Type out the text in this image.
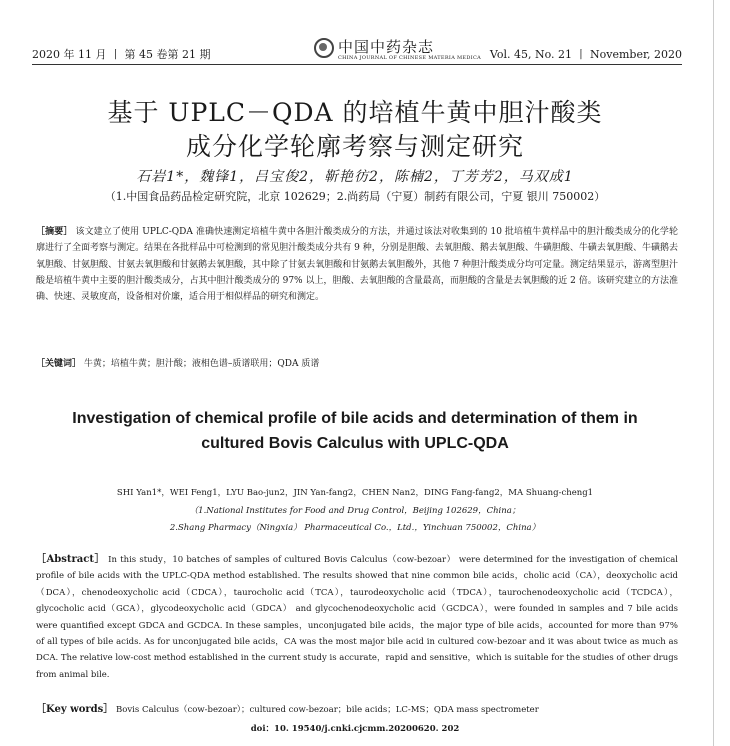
2020 年 11 月 丨 第 45 卷第 21 期	中国中药杂志
CHINA JOURNAL OF CHINESE MATERIA MEDICA Vol. 45, No. 21 丨 November, 2020
基于 UPLC－QDA 的培植牛黄中胆汁酸类
成分化学轮廓考察与测定研究
石岩1*，魏锋1，吕宝俊2，靳艳彷2，陈楠2，丁芳芳2，马双成1
（1.中国食品药品检定研究院，北京 102629；2.尚药局（宁夏）制药有限公司，宁夏 银川 750002）
［摘要］ 该文建立了使用 UPLC-QDA 准确快速测定培植牛黄中各胆汁酸类成分的方法，并通过该法对收集到的 10 批培植牛黄样品中的胆汁酸类成分的化学轮廓进行了全面考察与测定。结果在各批样品中可检测到的常见胆汁酸类成分共有 9 种，分别是胆酸、去氧胆酸、鹅去氧胆酸、牛磺胆酸、牛磺去氧胆酸、牛磺鹅去氧胆酸、甘氨胆酸、甘氨去氧胆酸和甘氨鹅去氧胆酸，其中除了甘氨去氧胆酸和甘氨鹅去氧胆酸外，其他 7 种胆汁酸类成分均可定量。测定结果显示，游离型胆汁酸是培植牛黄中主要的胆汁酸类成分，占其中胆汁酸类成分的 97% 以上，胆酸、去氧胆酸的含量最高，而胆酸的含量是去氧胆酸的近 2 倍。该研究建立的方法准确、快速、灵敏度高，设备相对价廉，适合用于相似样品的研究和测定。
［关键词］ 牛黄；培植牛黄；胆汁酸；液相色谱–质谱联用；QDA 质谱
Investigation of chemical profile of bile acids and determination of them in
cultured Bovis Calculus with UPLC-QDA
SHI Yan1*，WEI Feng1，LYU Bao-jun2，JIN Yan-fang2，CHEN Nan2，DING Fang-fang2，MA Shuang-cheng1
（1.National Institutes for Food and Drug Control，Beijing 102629，China；
2.Shang Pharmacy（Ningxia） Pharmaceutical Co.，Ltd.，Yinchuan 750002，China）
［Abstract］ In this study，10 batches of samples of cultured Bovis Calculus（cow-bezoar） were determined for the investigation of chemical profile of bile acids with the UPLC-QDA method established. The results showed that nine common bile acids，cholic acid（CA），deoxycholic acid（DCA），chenodeoxycholic acid（CDCA），taurocholic acid（TCA），taurodeoxycholic acid（TDCA），taurochenodeoxycholic acid（TCDCA），glycocholic acid（GCA），glycodeoxycholic acid（GDCA） and glycochenodeoxycholic acid（GCDCA），were founded in samples and 7 bile acids were quantified except GDCA and GCDCA. In these samples，unconjugated bile acids，the major type of bile acids，accounted for more than 97% of all types of bile acids. As for unconjugated bile acids，CA was the most major bile acid in cultured cow-bezoar and it was about twice as much as DCA. The relative low-cost method established in the current study is accurate，rapid and sensitive，which is suitable for the studies of other drugs from animal bile.
［Key words］ Bovis Calculus（cow-bezoar）；cultured cow-bezoar；bile acids；LC-MS；QDA mass spectrometer
doi：10. 19540/j.cnki.cjcmm.20200620. 202
